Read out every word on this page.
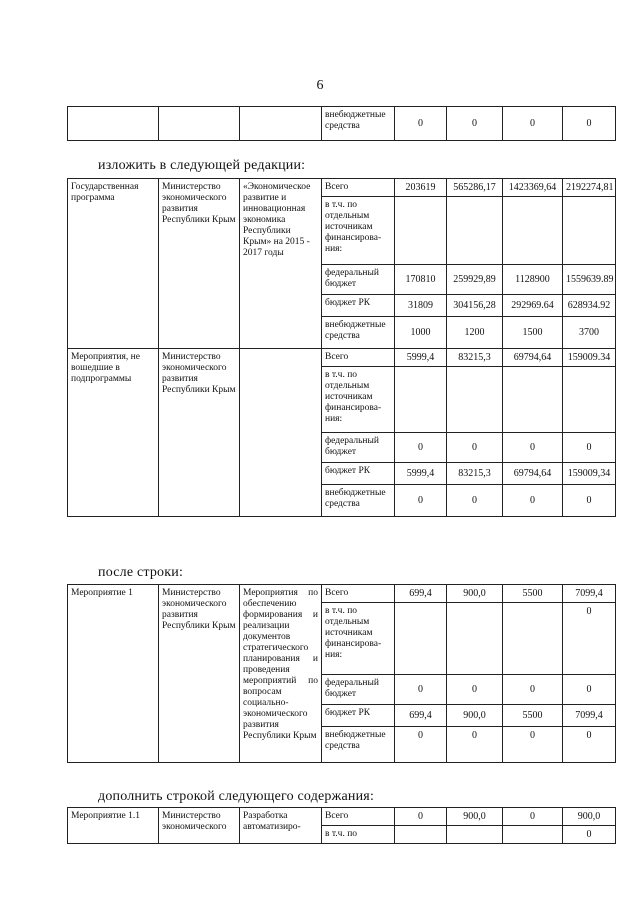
6
			внебюджетные средства	0	0	0	0
изложить в следующей редакции:
Государственная программа	Министерство экономического развития Республики Крым	«Экономическое развитие и инновационная экономика Республики Крым» на 2015 - 2017 годы	Всего	203619	565286,17	1423369,64	2192274,81
			в т.ч. по отдельным источникам финансирова-ния:				
			федеральный бюджет	170810	259929,89	1128900	1559639.89
			бюджет РК	31809	304156,28	292969.64	628934.92
			внебюджетные средства	1000	1200	1500	3700
Мероприятия, не вошедшие в подпрограммы	Министерство экономического развития Республики Крым		Всего	5999,4	83215,3	69794,64	159009.34
			в т.ч. по отдельным источникам финансирова-ния:				
			федеральный бюджет	0	0	0	0
			бюджет РК	5999,4	83215,3	69794,64	159009,34
			внебюджетные средства	0	0	0	0
после строки:
Мероприятие 1	Министерство экономического развития Республики Крым	Мероприятия по обеспечению формирования и реализации документов стратегического планирования и проведения мероприятий по вопросам социально-экономического развития Республики Крым	Всего	699,4	900,0	5500	7099,4
			в т.ч. по отдельным источникам финансирова-ния:				0
			федеральный бюджет	0	0	0	0
			бюджет РК	699,4	900,0	5500	7099,4
			внебюджетные средства	0	0	0	0
дополнить строкой следующего содержания:
Мероприятие 1.1	Министерство экономического	Разработка автоматизиро-	Всего	0	900,0	0	900,0
			в т.ч. по				0
